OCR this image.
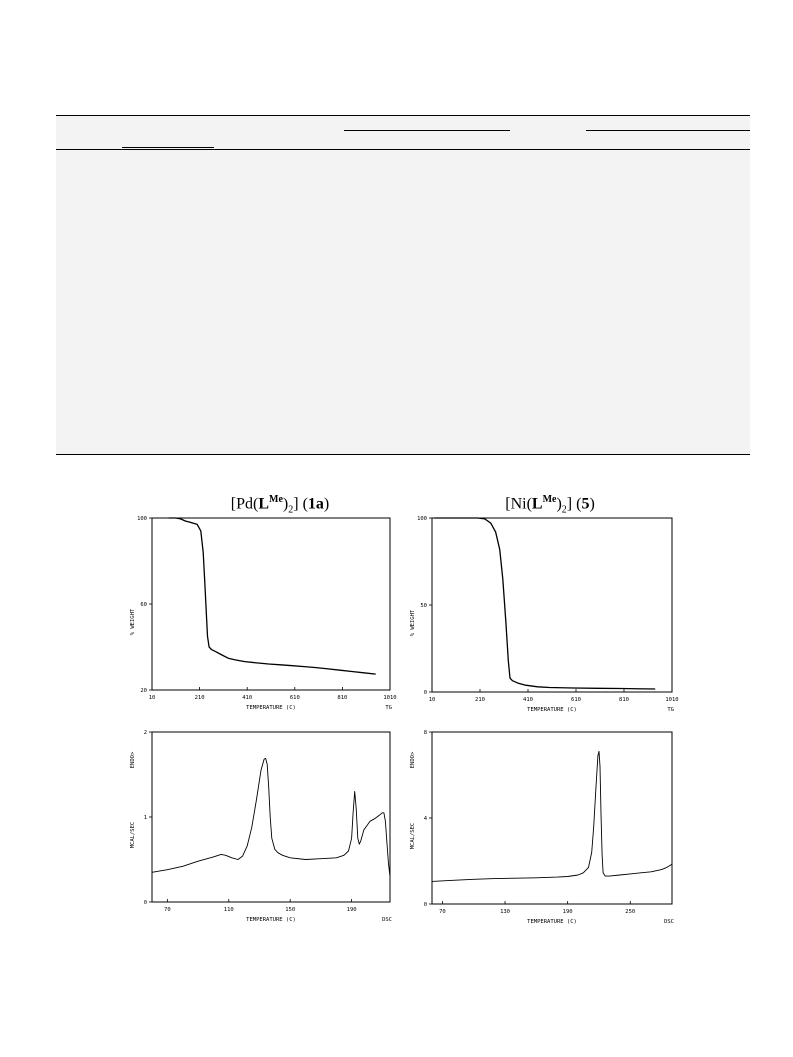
$[Pd(L^{Me})_2]$ (1a)	$[Ni(L^{Me})_2]$ (5)
10	210	410	610	810	1010
20
60
100
TEMPERATURE (C)	TG
% WEIGHT
10	210	410	610	810	1010
0
50
100
TEMPERATURE (C)	TG
% WEIGHT
70	110	150	190
0
1
2
TEMPERATURE (C)	DSC
MCAL/SEC
ENDO>
70	130	190	250
0
4
8
TEMPERATURE (C)	DSC
MCAL/SEC
ENDO>
